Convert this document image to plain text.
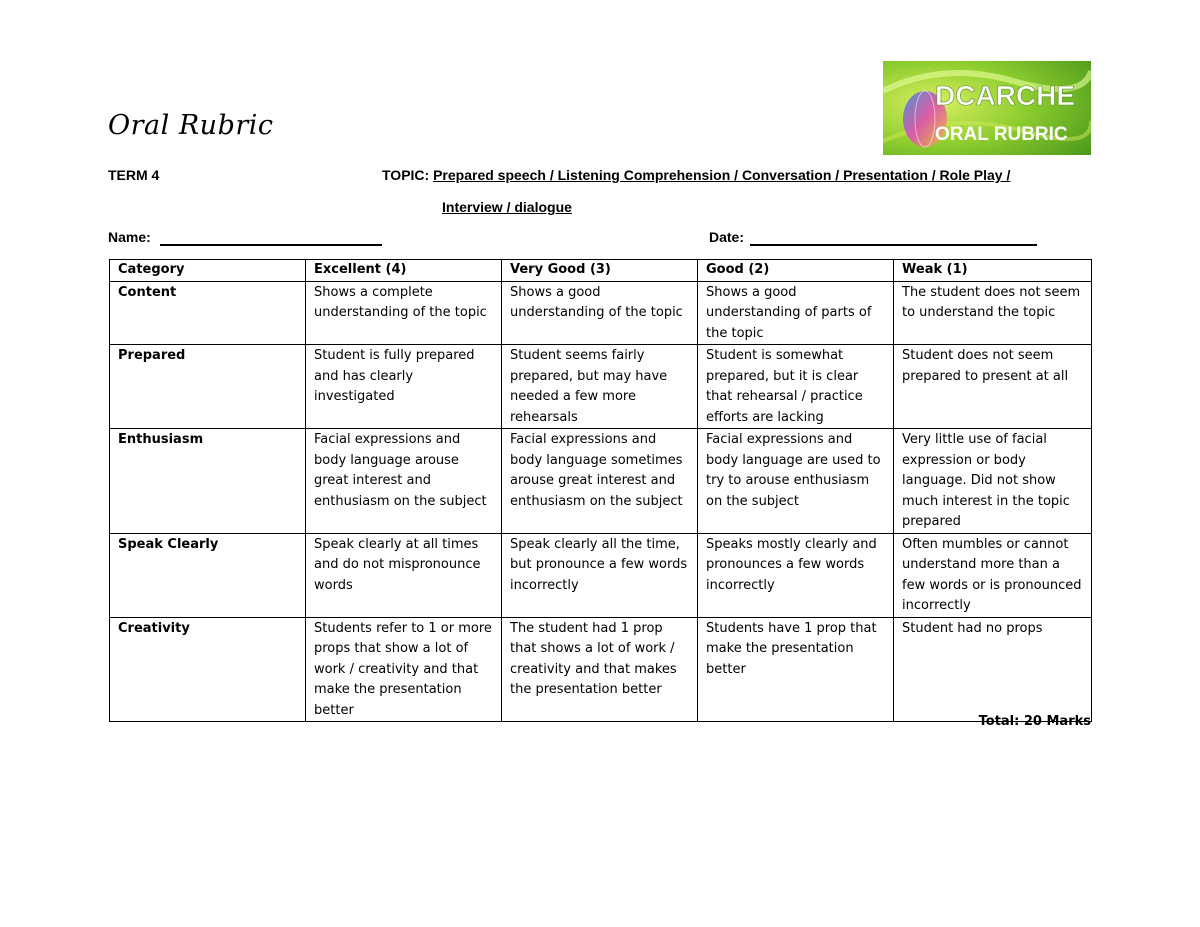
Oral Rubric
DCARCHE
ORAL RUBRIC
TERM 4	TOPIC: Prepared speech / Listening Comprehension / Conversation / Presentation / Role Play /
Interview / dialogue
Name:	Date:
Category	Excellent (4)	Very Good (3)	Good (2)	Weak (1)
Content	Shows a complete understanding of the topic	Shows a good understanding of the topic	Shows a good understanding of parts of the topic	The student does not seem to understand the topic
Prepared	Student is fully prepared and has clearly investigated	Student seems fairly prepared, but may have needed a few more rehearsals	Student is somewhat prepared, but it is clear that rehearsal / practice efforts are lacking	Student does not seem prepared to present at all
Enthusiasm	Facial expressions and body language arouse great interest and enthusiasm on the subject	Facial expressions and body language sometimes arouse great interest and enthusiasm on the subject	Facial expressions and body language are used to try to arouse enthusiasm on the subject	Very little use of facial expression or body language. Did not show much interest in the topic prepared
Speak Clearly	Speak clearly at all times and do not mispronounce words	Speak clearly all the time, but pronounce a few words incorrectly	Speaks mostly clearly and pronounces a few words incorrectly	Often mumbles or cannot understand more than a few words or is pronounced incorrectly
Creativity	Students refer to 1 or more props that show a lot of work / creativity and that make the presentation better	The student had 1 prop that shows a lot of work / creativity and that makes the presentation better	Students have 1 prop that make the presentation better	Student had no props
Total: 20 Marks
